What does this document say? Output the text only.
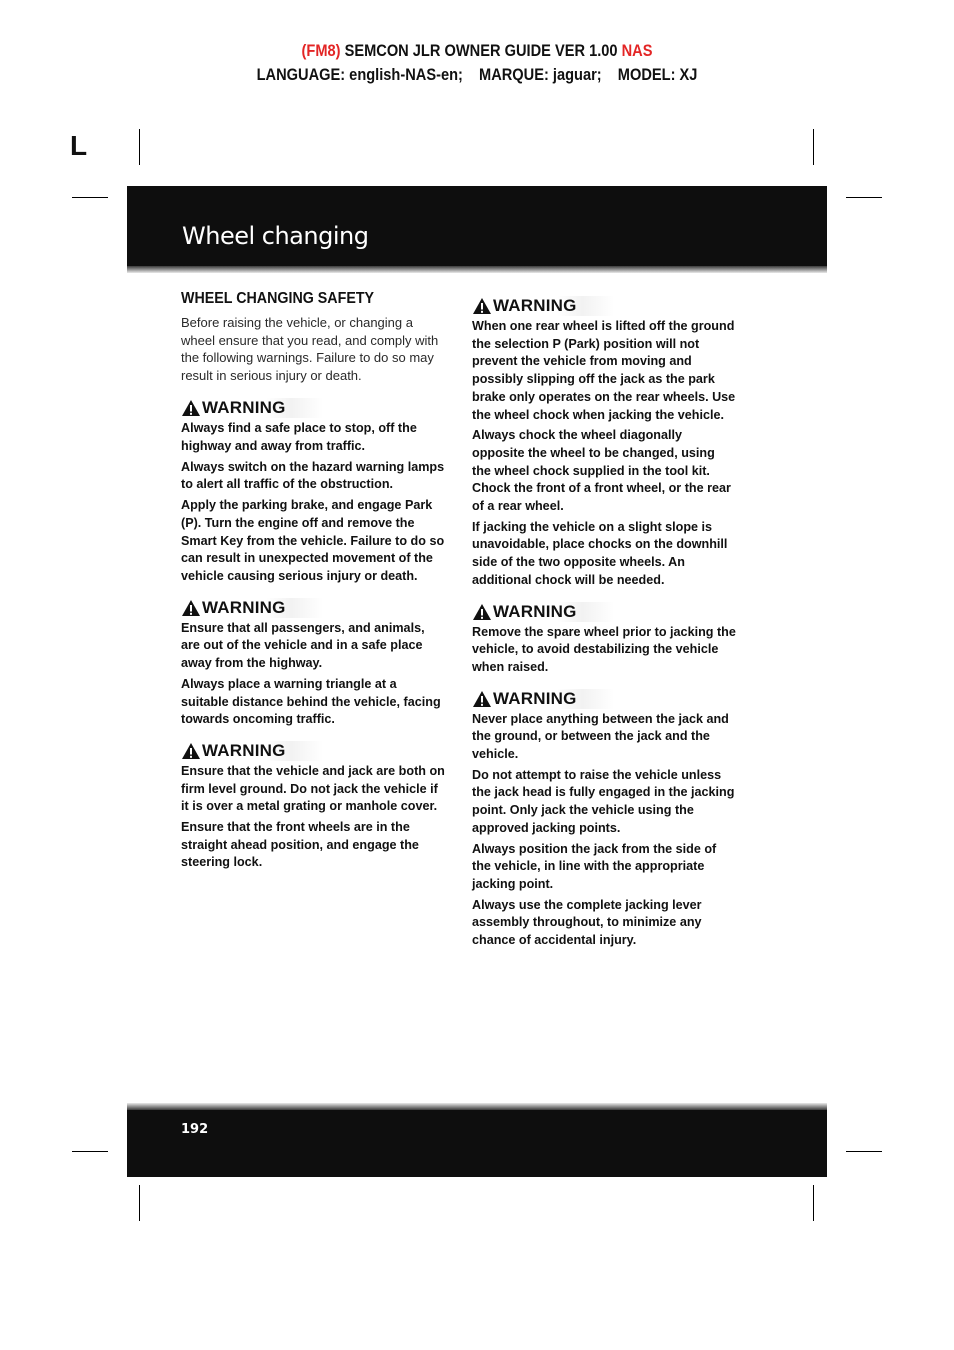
(FM8) SEMCON JLR OWNER GUIDE VER 1.00 NAS
LANGUAGE: english-NAS-en; MARQUE: jaguar; MODEL: XJ
L
Wheel changing
WHEEL CHANGING SAFETY

Before raising the vehicle, or changing a wheel ensure that you read, and comply with the following warnings. Failure to do so may result in serious injury or death.

WARNING

Always find a safe place to stop, off the highway and away from traffic.

Always switch on the hazard warning lamps to alert all traffic of the obstruction.

Apply the parking brake, and engage Park (P). Turn the engine off and remove the Smart Key from the vehicle. Failure to do so can result in unexpected movement of the vehicle causing serious injury or death.

WARNING

Ensure that all passengers, and animals, are out of the vehicle and in a safe place away from the highway.

Always place a warning triangle at a suitable distance behind the vehicle, facing towards oncoming traffic.

WARNING

Ensure that the vehicle and jack are both on firm level ground. Do not jack the vehicle if it is over a metal grating or manhole cover.

Ensure that the front wheels are in the straight ahead position, and engage the steering lock.

WARNING

When one rear wheel is lifted off the ground the selection P (Park) position will not prevent the vehicle from moving and possibly slipping off the jack as the park brake only operates on the rear wheels. Use the wheel chock when jacking the vehicle.

Always chock the wheel diagonally opposite the wheel to be changed, using the wheel chock supplied in the tool kit. Chock the front of a front wheel, or the rear of a rear wheel.

If jacking the vehicle on a slight slope is unavoidable, place chocks on the downhill side of the two opposite wheels. An additional chock will be needed.

WARNING

Remove the spare wheel prior to jacking the vehicle, to avoid destabilizing the vehicle when raised.

WARNING

Never place anything between the jack and the ground, or between the jack and the vehicle.

Do not attempt to raise the vehicle unless the jack head is fully engaged in the jacking point. Only jack the vehicle using the approved jacking points.

Always position the jack from the side of the vehicle, in line with the appropriate jacking point.

Always use the complete jacking lever assembly throughout, to minimize any chance of accidental injury.

192
